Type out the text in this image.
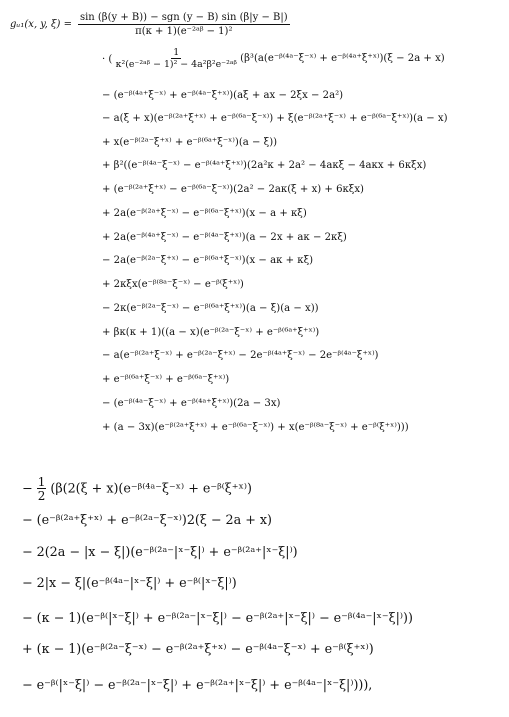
gᵤ₁(x, y, $\xi) = \frac{\text{sin (β(y + B)) − sgn (y − B) sin (β|y − B|)}}{\text{π(κ + 1)(e⁻²ᵃᵝ − 1)²}}$
· ( $\frac{1}{\text{κ²(e⁻²ᵃᵝ − 1)² − 4a²β²e⁻²ᵃᵝ}}$ (β³(a(e⁻ᵝ⁽⁴ᵃ⁻ξ⁻ˣ⁾ + e⁻ᵝ⁽⁴ᵃ⁺ξ⁺ˣ⁾)(ξ − 2a + x)
− (e⁻ᵝ⁽⁴ᵃ⁺ξ⁻ˣ⁾ + e⁻ᵝ⁽⁴ᵃ⁻ξ⁺ˣ⁾)(aξ + ax − 2ξx − 2a²)
− a(ξ + x)(e⁻ᵝ⁽²ᵃ⁺ξ⁺ˣ⁾ + e⁻ᵝ⁽⁶ᵃ⁻ξ⁻ˣ⁾) + ξ(e⁻ᵝ⁽²ᵃ⁺ξ⁻ˣ⁾ + e⁻ᵝ⁽⁶ᵃ⁻ξ⁺ˣ⁾)(a − x)
+ x(e⁻ᵝ⁽²ᵃ⁻ξ⁺ˣ⁾ + e⁻ᵝ⁽⁶ᵃ⁺ξ⁻ˣ⁾)(a − ξ))
+ β²((e⁻ᵝ⁽⁴ᵃ⁻ξ⁻ˣ⁾ − e⁻ᵝ⁽⁴ᵃ⁺ξ⁺ˣ⁾)(2a²κ + 2a² − 4aκξ − 4aκx + 6κξx)
+ (e⁻ᵝ⁽²ᵃ⁺ξ⁺ˣ⁾ − e⁻ᵝ⁽⁶ᵃ⁻ξ⁻ˣ⁾)(2a² − 2aκ(ξ + x) + 6κξx)
+ 2a(e⁻ᵝ⁽²ᵃ⁺ξ⁻ˣ⁾ − e⁻ᵝ⁽⁶ᵃ⁻ξ⁺ˣ⁾)(x − a + κξ)
+ 2a(e⁻ᵝ⁽⁴ᵃ⁺ξ⁻ˣ⁾ − e⁻ᵝ⁽⁴ᵃ⁻ξ⁺ˣ⁾)(a − 2x + aκ − 2κξ)
− 2a(e⁻ᵝ⁽²ᵃ⁻ξ⁺ˣ⁾ − e⁻ᵝ⁽⁶ᵃ⁺ξ⁻ˣ⁾)(x − aκ + κξ)
+ 2κξx(e⁻ᵝ⁽⁸ᵃ⁻ξ⁻ˣ⁾ − e⁻ᵝ⁽ξ⁺ˣ⁾)
− 2κ(e⁻ᵝ⁽²ᵃ⁻ξ⁻ˣ⁾ − e⁻ᵝ⁽⁶ᵃ⁺ξ⁺ˣ⁾)(a − ξ)(a − x))
+ βκ(κ + 1)((a − x)(e⁻ᵝ⁽²ᵃ⁻ξ⁻ˣ⁾ + e⁻ᵝ⁽⁶ᵃ⁺ξ⁺ˣ⁾)
− a(e⁻ᵝ⁽²ᵃ⁺ξ⁻ˣ⁾ + e⁻ᵝ⁽²ᵃ⁻ξ⁺ˣ⁾ − 2e⁻ᵝ⁽⁴ᵃ⁺ξ⁻ˣ⁾ − 2e⁻ᵝ⁽⁴ᵃ⁻ξ⁺ˣ⁾)
+ e⁻ᵝ⁽⁶ᵃ⁺ξ⁻ˣ⁾ + e⁻ᵝ⁽⁶ᵃ⁻ξ⁺ˣ⁾)
− (e⁻ᵝ⁽⁴ᵃ⁻ξ⁻ˣ⁾ + e⁻ᵝ⁽⁴ᵃ⁺ξ⁺ˣ⁾)(2a − 3x)
+ (a − 3x)(e⁻ᵝ⁽²ᵃ⁺ξ⁺ˣ⁾ + e⁻ᵝ⁽⁶ᵃ⁻ξ⁻ˣ⁾) + x(e⁻ᵝ⁽⁸ᵃ⁻ξ⁻ˣ⁾ + e⁻ᵝ⁽ξ⁺ˣ⁾)))
− $\frac{1}{2} (\beta(2(\xi$ + x)(e⁻ᵝ⁽⁴ᵃ⁻ξ⁻ˣ⁾ + e⁻ᵝ⁽ξ⁺ˣ⁾)
− (e⁻ᵝ⁽²ᵃ⁺ξ⁺ˣ⁾ + e⁻ᵝ⁽²ᵃ⁻ξ⁻ˣ⁾)2(ξ − 2a + x)
− 2(2a − |x − ξ|)(e⁻ᵝ⁽²ᵃ⁻|ˣ⁻ξ|⁾ + e⁻ᵝ⁽²ᵃ⁺|ˣ⁻ξ|⁾)
− 2|x − ξ|(e⁻ᵝ⁽⁴ᵃ⁻|ˣ⁻ξ|⁾ + e⁻ᵝ⁽|ˣ⁻ξ|⁾)
− (κ − 1)(e⁻ᵝ⁽|ˣ⁻ξ|⁾ + e⁻ᵝ⁽²ᵃ⁻|ˣ⁻ξ|⁾ − e⁻ᵝ⁽²ᵃ⁺|ˣ⁻ξ|⁾ − e⁻ᵝ⁽⁴ᵃ⁻|ˣ⁻ξ|⁾))
+ (κ − 1)(e⁻ᵝ⁽²ᵃ⁻ξ⁻ˣ⁾ − e⁻ᵝ⁽²ᵃ⁺ξ⁺ˣ⁾ − e⁻ᵝ⁽⁴ᵃ⁻ξ⁻ˣ⁾ + e⁻ᵝ⁽ξ⁺ˣ⁾)
− e⁻ᵝ⁽|ˣ⁻ξ|⁾ − e⁻ᵝ⁽²ᵃ⁻|ˣ⁻ξ|⁾ + e⁻ᵝ⁽²ᵃ⁺|ˣ⁻ξ|⁾ + e⁻ᵝ⁽⁴ᵃ⁻|ˣ⁻ξ|⁾))),
